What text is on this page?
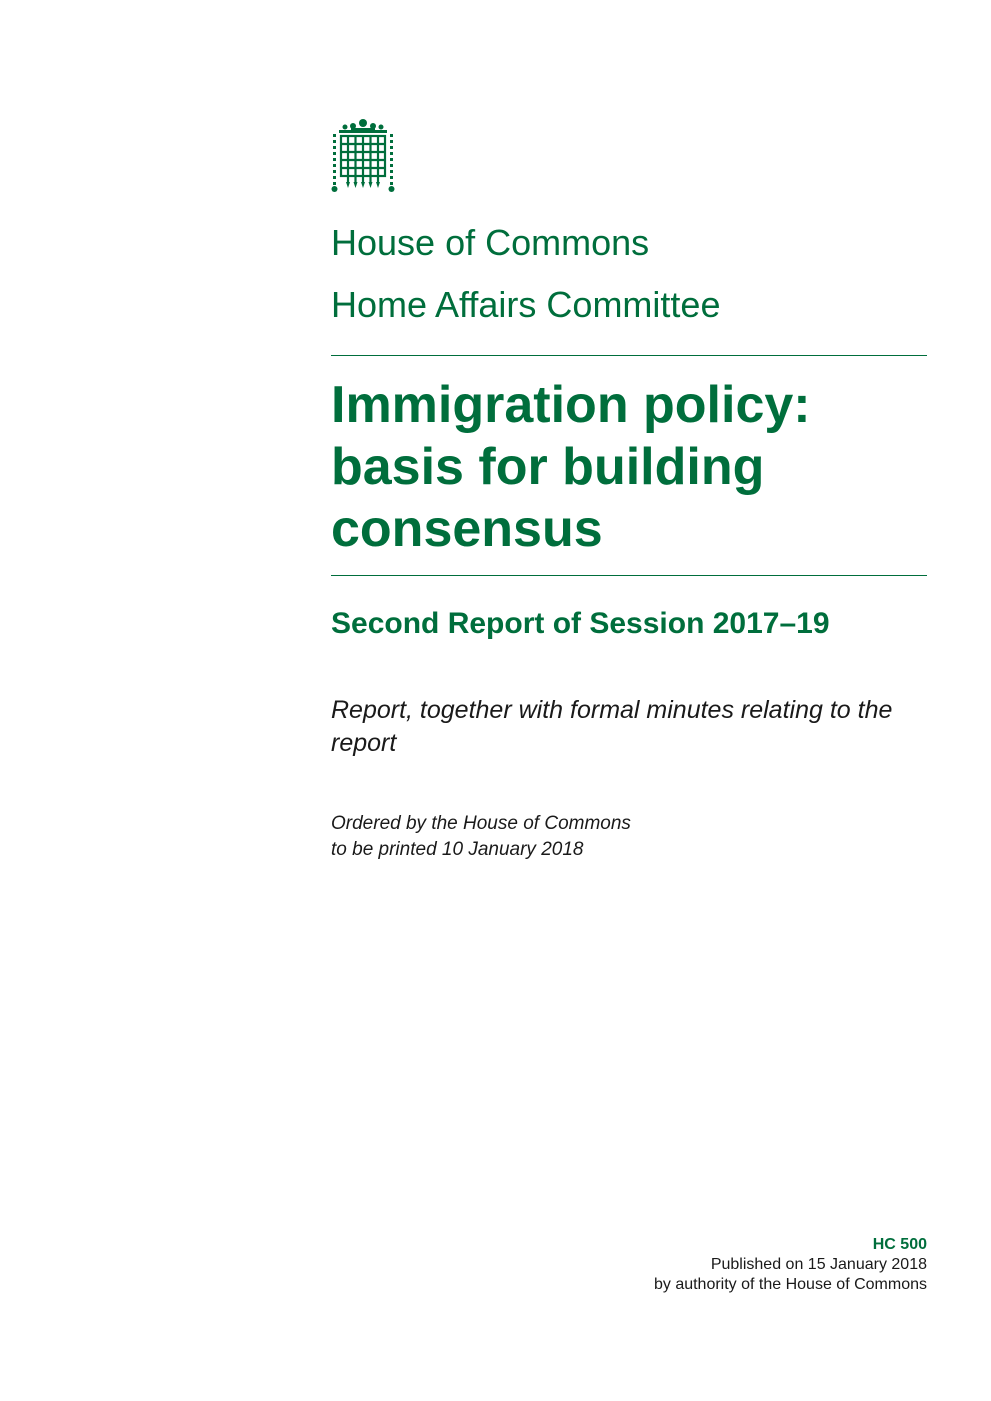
House of Commons
Home Affairs Committee
Immigration policy: basis for building consensus
Second Report of Session 2017–19

Report, together with formal minutes relating to the report

Ordered by the House of Commons
to be printed 10 January 2018

HC 500
Published on 15 January 2018
by authority of the House of Commons
